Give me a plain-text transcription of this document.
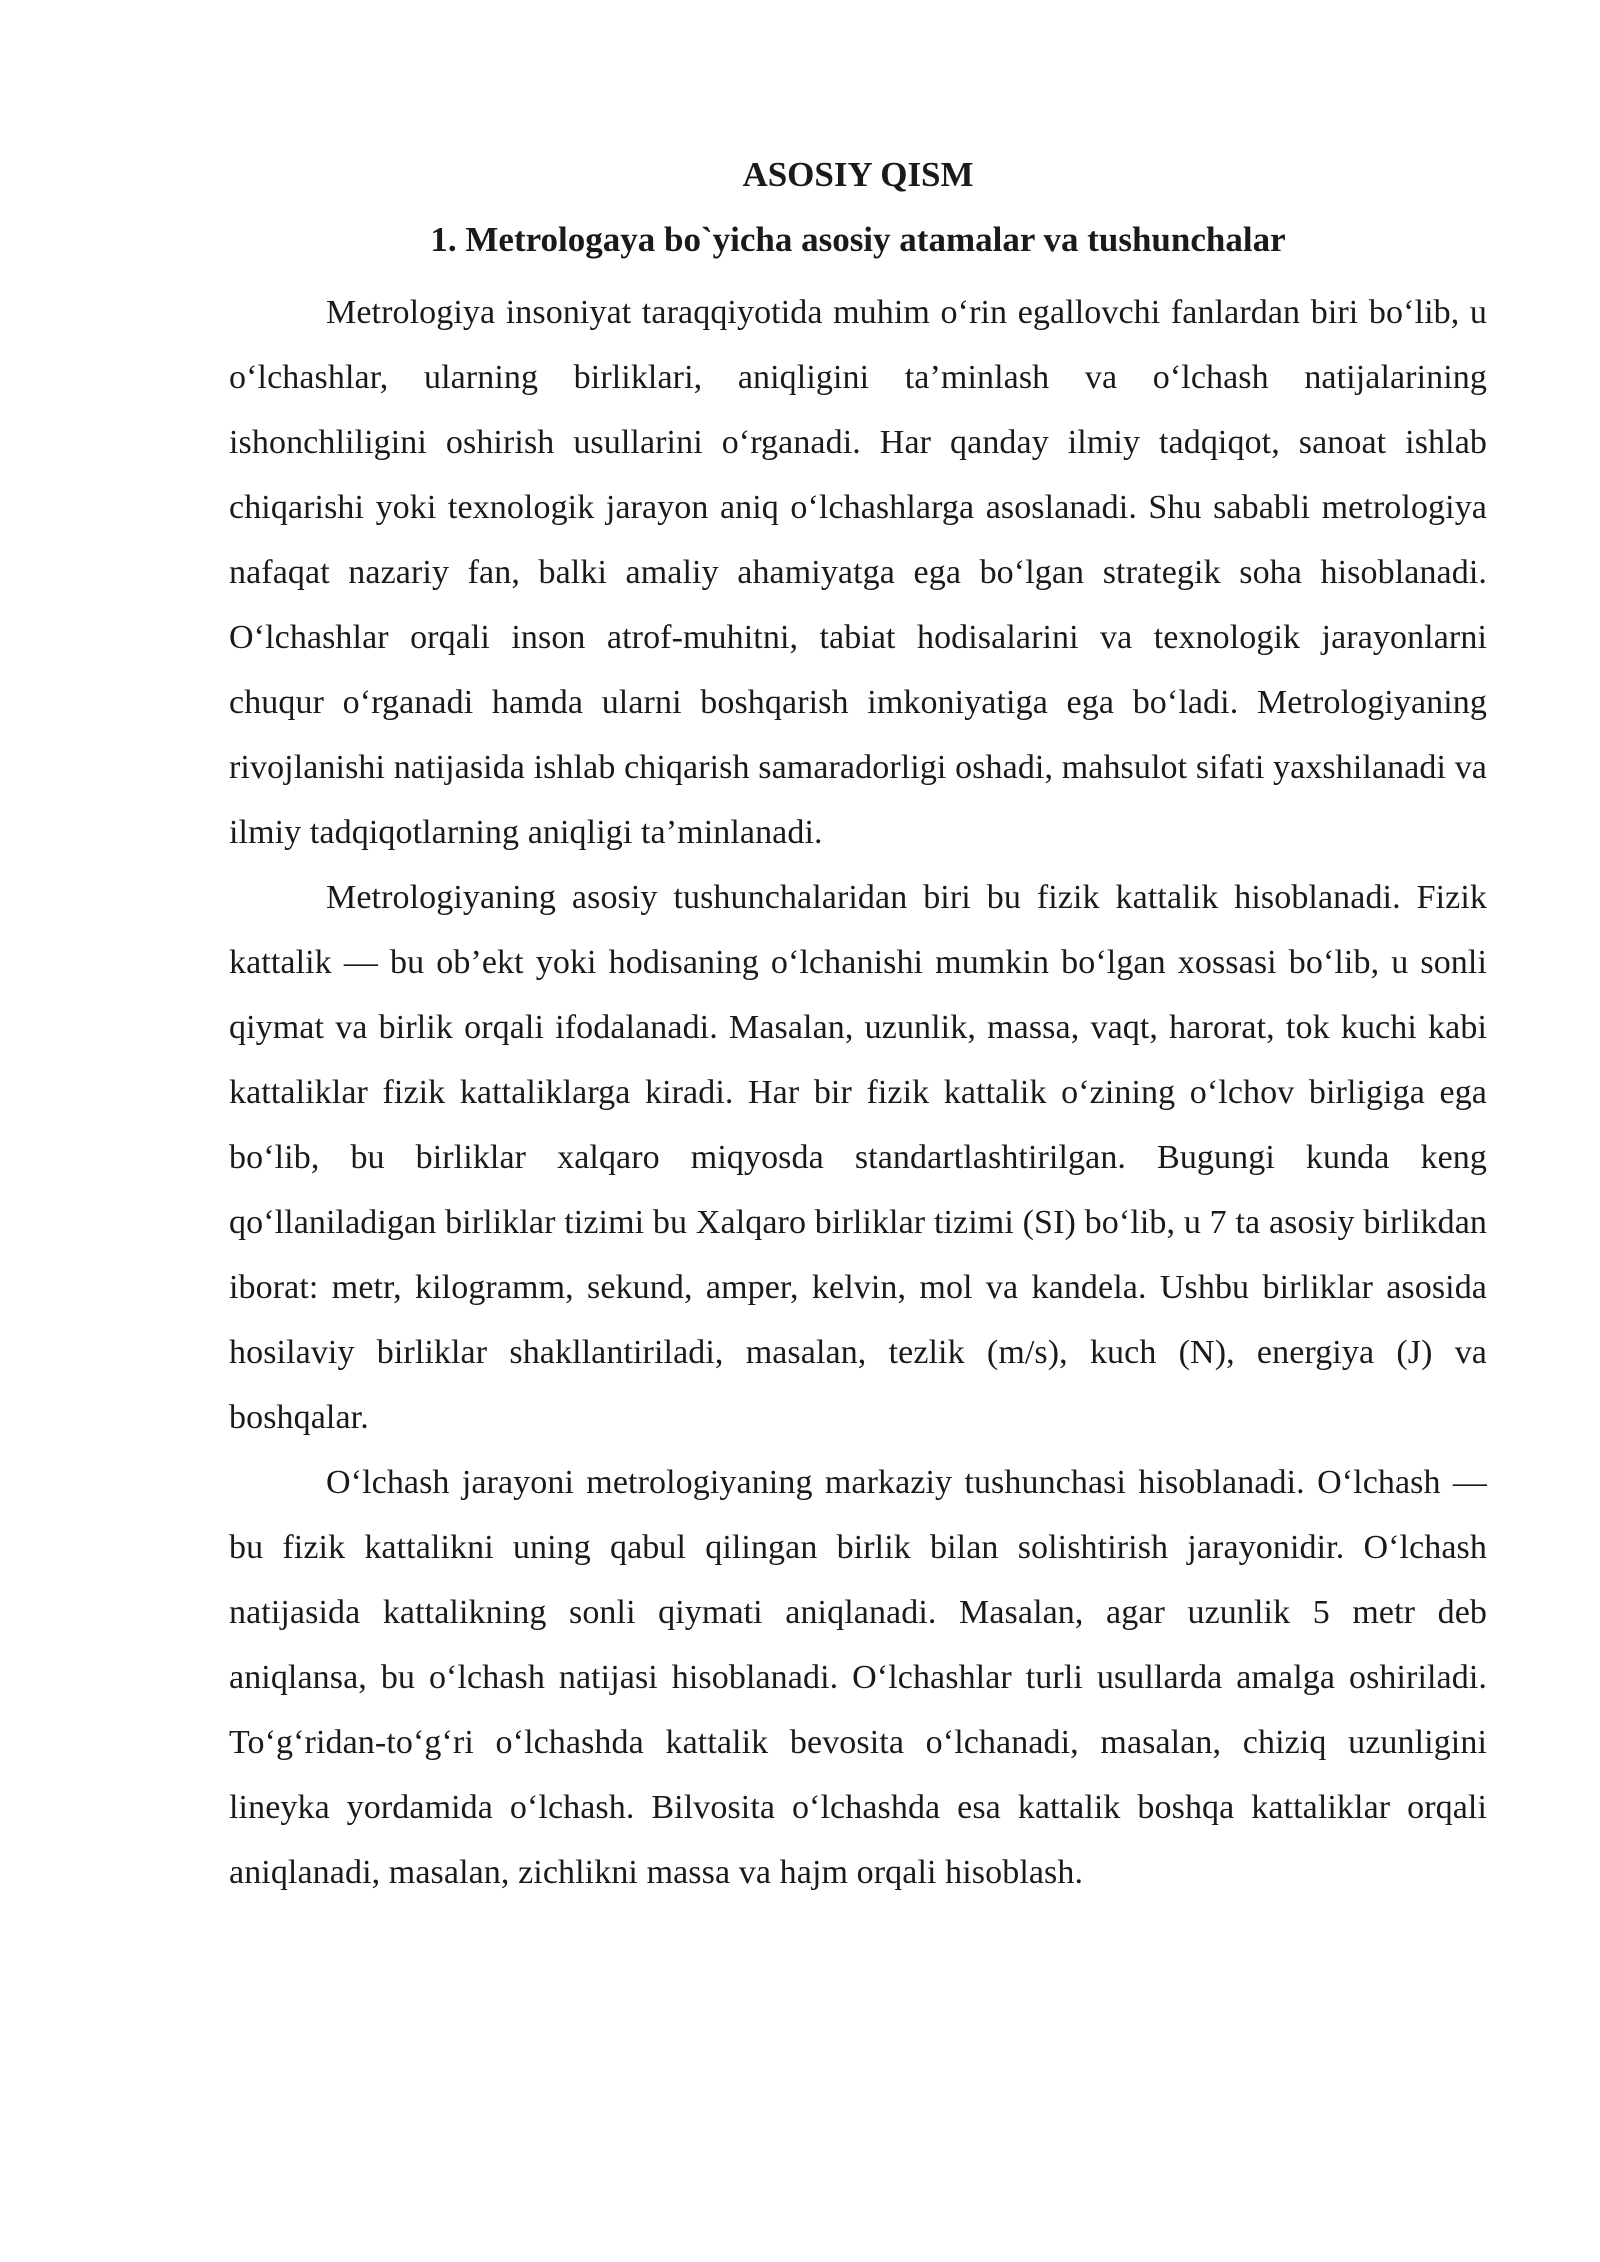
ASOSIY QISM
1. Metrologaya bo`yicha asosiy atamalar va tushunchalar

Metrologiya insoniyat taraqqiyotida muhim o‘rin egallovchi fanlardan biri bo‘lib, u o‘lchashlar, ularning birliklari, aniqligini ta’minlash va o‘lchash natijalarining ishonchliligini oshirish usullarini o‘rganadi. Har qanday ilmiy tadqiqot, sanoat ishlab chiqarishi yoki texnologik jarayon aniq o‘lchashlarga asoslanadi. Shu sababli metrologiya nafaqat nazariy fan, balki amaliy ahamiyatga ega bo‘lgan strategik soha hisoblanadi. O‘lchashlar orqali inson atrof-muhitni, tabiat hodisalarini va texnologik jarayonlarni chuqur o‘rganadi hamda ularni boshqarish imkoniyatiga ega bo‘ladi. Metrologiyaning rivojlanishi natijasida ishlab chiqarish samaradorligi oshadi, mahsulot sifati yaxshilanadi va ilmiy tadqiqotlarning aniqligi ta’minlanadi.

Metrologiyaning asosiy tushunchalaridan biri bu fizik kattalik hisoblanadi. Fizik kattalik — bu ob’ekt yoki hodisaning o‘lchanishi mumkin bo‘lgan xossasi bo‘lib, u sonli qiymat va birlik orqali ifodalanadi. Masalan, uzunlik, massa, vaqt, harorat, tok kuchi kabi kattaliklar fizik kattaliklarga kiradi. Har bir fizik kattalik o‘zining o‘lchov birligiga ega bo‘lib, bu birliklar xalqaro miqyosda standartlashtirilgan. Bugungi kunda keng qo‘llaniladigan birliklar tizimi bu Xalqaro birliklar tizimi (SI) bo‘lib, u 7 ta asosiy birlikdan iborat: metr, kilogramm, sekund, amper, kelvin, mol va kandela. Ushbu birliklar asosida hosilaviy birliklar shakllantiriladi, masalan, tezlik (m/s), kuch (N), energiya (J) va boshqalar.

O‘lchash jarayoni metrologiyaning markaziy tushunchasi hisoblanadi. O‘lchash — bu fizik kattalikni uning qabul qilingan birlik bilan solishtirish jarayonidir. O‘lchash natijasida kattalikning sonli qiymati aniqlanadi. Masalan, agar uzunlik 5 metr deb aniqlansa, bu o‘lchash natijasi hisoblanadi. O‘lchashlar turli usullarda amalga oshiriladi. To‘g‘ridan-to‘g‘ri o‘lchashda kattalik bevosita o‘lchanadi, masalan, chiziq uzunligini lineyka yordamida o‘lchash. Bilvosita o‘lchashda esa kattalik boshqa kattaliklar orqali aniqlanadi, masalan, zichlikni massa va hajm orqali hisoblash.
